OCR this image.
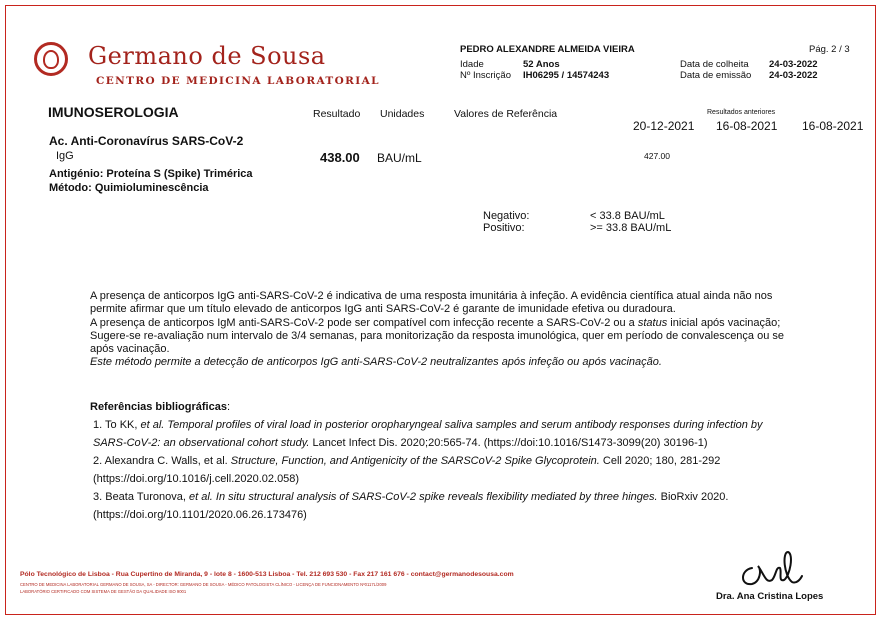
Germano de Sousa
CENTRO DE MEDICINA LABORATORIAL
PEDRO ALEXANDRE ALMEIDA VIEIRA	Pág. 2 / 3
Idade	52 Anos
Nº Inscrição IH06295 / 14574243
Data de colheita 24-03-2022
Data de emissão 24-03-2022
IMUNOSEROLOGIA	Resultado Unidades	Valores de Referência	Resultados anteriores
20-12-2021 16-08-2021 16-08-2021
Ac. Anti-Coronavírus SARS-CoV-2
IgG	438.00 BAU/mL	427.00
Antigénio: Proteína S (Spike) Trimérica
Método: Quimioluminescência
Negativo:	< 33.8 BAU/mL
Positivo:	>= 33.8 BAU/mL

A presença de anticorpos IgG anti-SARS-CoV-2 é indicativa de uma resposta imunitária à infeção. A evidência científica atual ainda não nos permite afirmar que um título elevado de anticorpos IgG anti SARS-CoV-2 é garante de imunidade efetiva ou duradoura.

A presença de anticorpos IgM anti-SARS-CoV-2 pode ser compatível com infecção recente a SARS-CoV-2 ou a status inicial após vacinação;

Sugere-se re-avaliação num intervalo de 3/4 semanas, para monitorização da resposta imunológica, quer em período de convalescença ou se após vacinação.

Este método permite a detecção de anticorpos IgG anti-SARS-CoV-2 neutralizantes após infeção ou após vacinação.

Referências bibliográficas:

1. To KK, et al. Temporal profiles of viral load in posterior oropharyngeal saliva samples and serum antibody responses during infection by SARS-CoV-2: an observational cohort study. Lancet Infect Dis. 2020;20:565-74. (https://doi:10.1016/S1473-3099(20) 30196-1)

2. Alexandra C. Walls, et al. Structure, Function, and Antigenicity of the SARSCoV-2 Spike Glycoprotein. Cell 2020; 180, 281-292 (https://doi.org/10.1016/j.cell.2020.02.058)

3. Beata Turonova, et al. In situ structural analysis of SARS-CoV-2 spike reveals flexibility mediated by three hinges. BioRxiv 2020. (https://doi.org/10.1101/2020.06.26.173476)

Pólo Tecnológico de Lisboa - Rua Cupertino de Miranda, 9 - lote 8 - 1600-513 Lisboa - Tel. 212 693 530 - Fax 217 161 676 - contact@germanodesousa.com
CENTRO DE MEDICINA LABORATORIAL GERMANO DE SOUSA, SA - DIRECTOR: GERMANO DE SOUSA - MÉDICO PATOLOGISTA CLÍNICO - LICENÇA DE FUNCIONAMENTO Nº0117L/2009
LABORATÓRIO CERTIFICADO COM SISTEMA DE GESTÃO DA QUALIDADE ISO 9001	Dra. Ana Cristina Lopes
